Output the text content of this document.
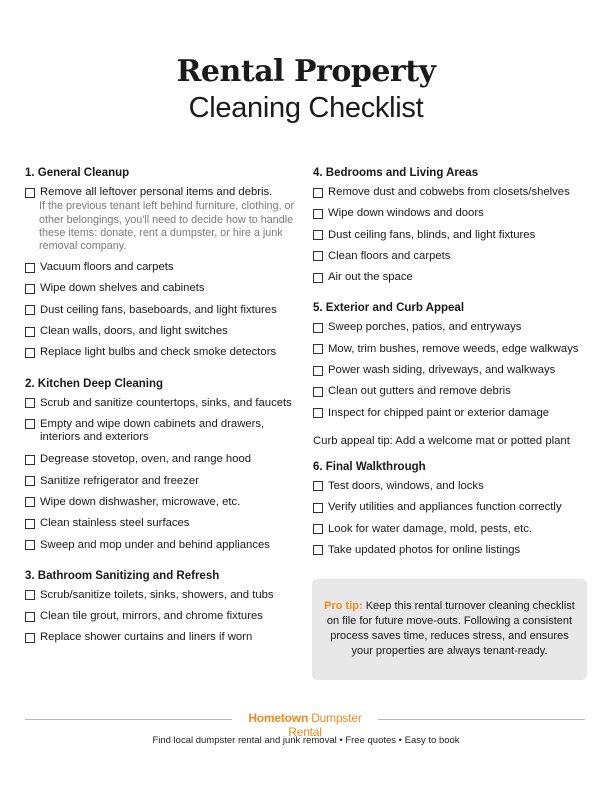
Rental Property
Cleaning Checklist
1. General Cleanup
Remove all leftover personal items and debris.
If the previous tenant left behind furniture, clothing, or other belongings, you'll need to decide how to handle these items: donate, rent a dumpster, or hire a junk removal company.
Vacuum floors and carpets
Wipe down shelves and cabinets
Dust ceiling fans, baseboards, and light fixtures
Clean walls, doors, and light switches
Replace light bulbs and check smoke detectors
2. Kitchen Deep Cleaning
Scrub and sanitize countertops, sinks, and faucets
Empty and wipe down cabinets and drawers, interiors and exteriors
Degrease stovetop, oven, and range hood
Sanitize refrigerator and freezer
Wipe down dishwasher, microwave, etc.
Clean stainless steel surfaces
Sweep and mop under and behind appliances
3. Bathroom Sanitizing and Refresh
Scrub/sanitize toilets, sinks, showers, and tubs
Clean tile grout, mirrors, and chrome fixtures
Replace shower curtains and liners if worn
4. Bedrooms and Living Areas
Remove dust and cobwebs from closets/shelves
Wipe down windows and doors
Dust ceiling fans, blinds, and light fixtures
Clean floors and carpets
Air out the space
5. Exterior and Curb Appeal
Sweep porches, patios, and entryways
Mow, trim bushes, remove weeds, edge walkways
Power wash siding, driveways, and walkways
Clean out gutters and remove debris
Inspect for chipped paint or exterior damage
Curb appeal tip: Add a welcome mat or potted plant
6. Final Walkthrough
Test doors, windows, and locks
Verify utilities and appliances function correctly
Look for water damage, mold, pests, etc.
Take updated photos for online listings
Pro tip: Keep this rental turnover cleaning checklist on file for future move-outs. Following a consistent process saves time, reduces stress, and ensures your properties are always tenant-ready.
Hometown Dumpster Rental
Find local dumpster rental and junk removal • Free quotes • Easy to book
